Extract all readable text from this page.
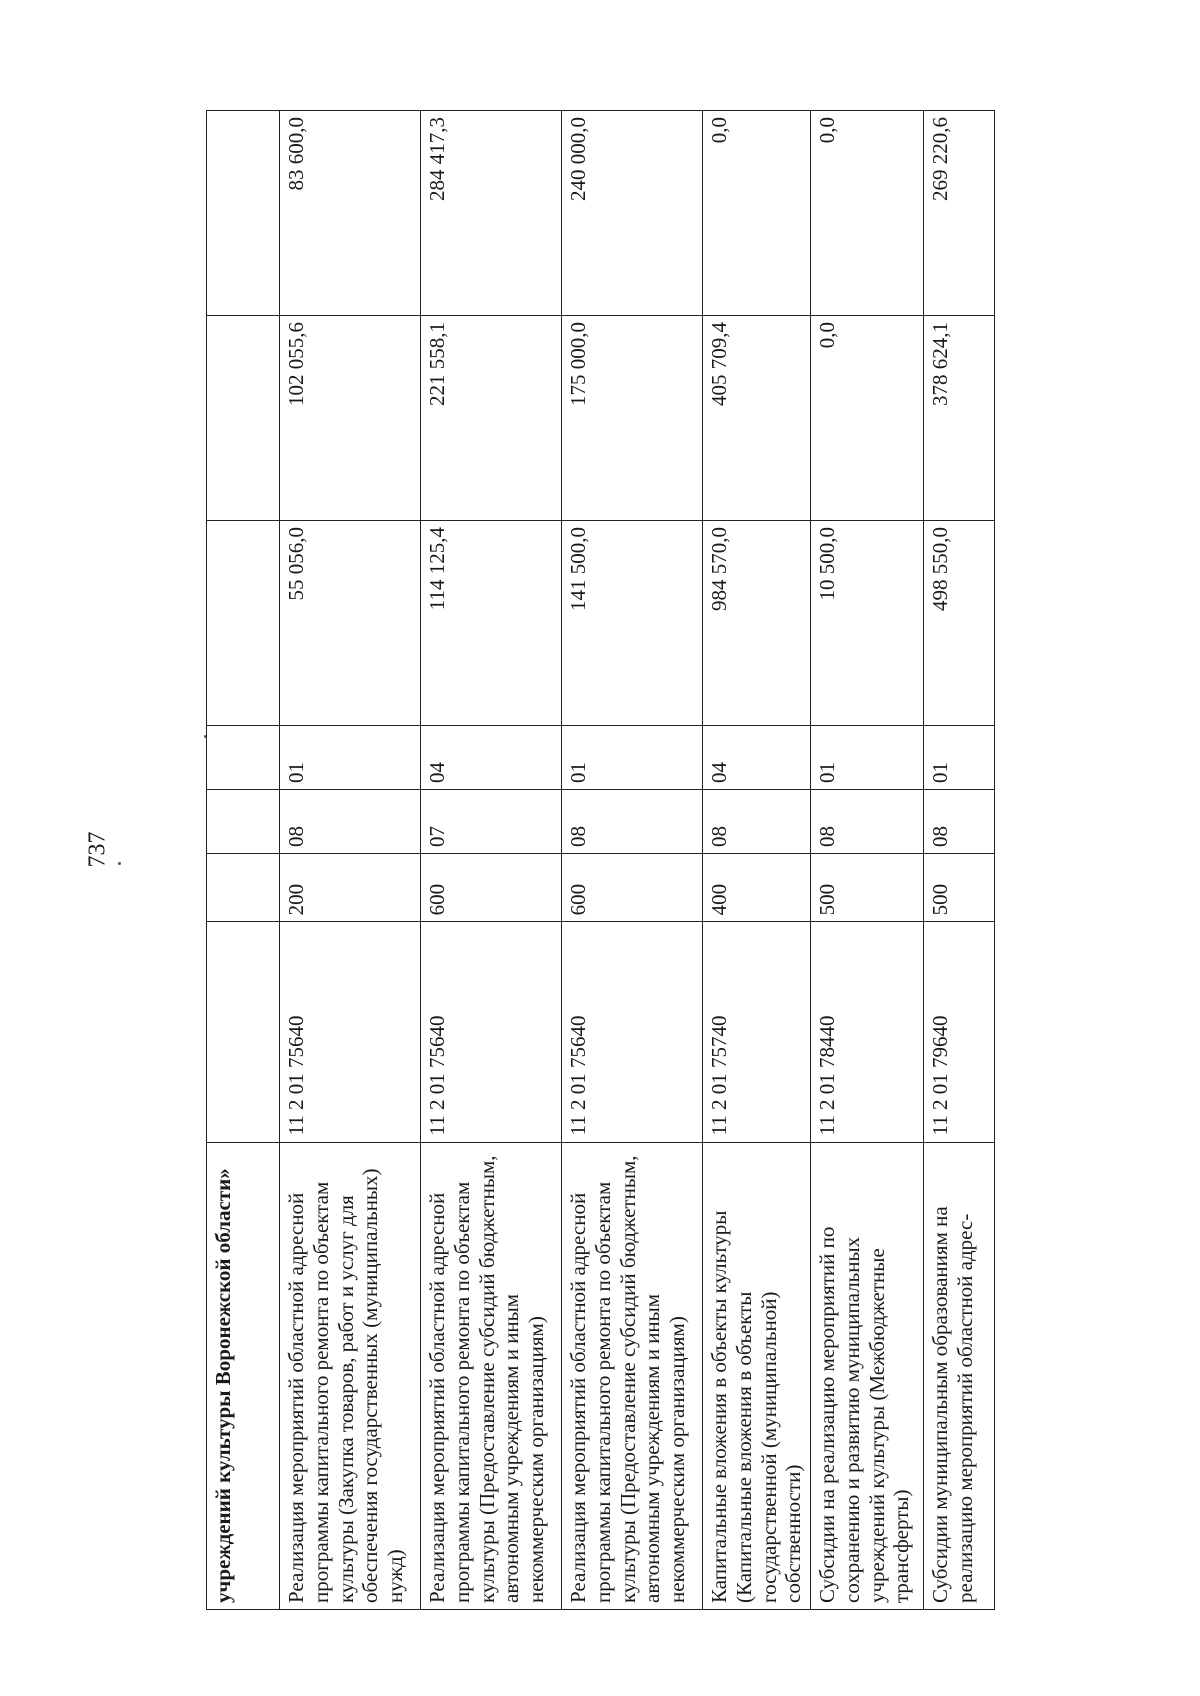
737
учреждений культуры Воронежской области»							
Реализация мероприятий областной адресной программы капитального ремонта по объектам культуры (Закупка товаров, работ и услуг для обеспечения государственных (муниципальных) нужд)	11 2 01 75640	200	08	01	55 056,0	102 055,6	83 600,0
Реализация мероприятий областной адресной программы капитального ремонта по объектам культуры (Предоставление субсидий бюджетным, автономным учреждениям и иным некоммерческим организациям)	11 2 01 75640	600	07	04	114 125,4	221 558,1	284 417,3
Реализация мероприятий областной адресной программы капитального ремонта по объектам культуры (Предоставление субсидий бюджетным, автономным учреждениям и иным некоммерческим организациям)	11 2 01 75640	600	08	01	141 500,0	175 000,0	240 000,0
Капитальные вложения в объекты культуры (Капитальные вложения в объекты государственной (муниципальной) собственности)	11 2 01 75740	400	08	04	984 570,0	405 709,4	0,0
Субсидии на реализацию мероприятий по сохранению и развитию муниципальных учреждений культуры (Межбюджетные трансферты)	11 2 01 78440	500	08	01	10 500,0	0,0	0,0
Субсидии муниципальным образованиям на реализацию мероприятий областной адрес-	11 2 01 79640	500	08	01	498 550,0	378 624,1	269 220,6
